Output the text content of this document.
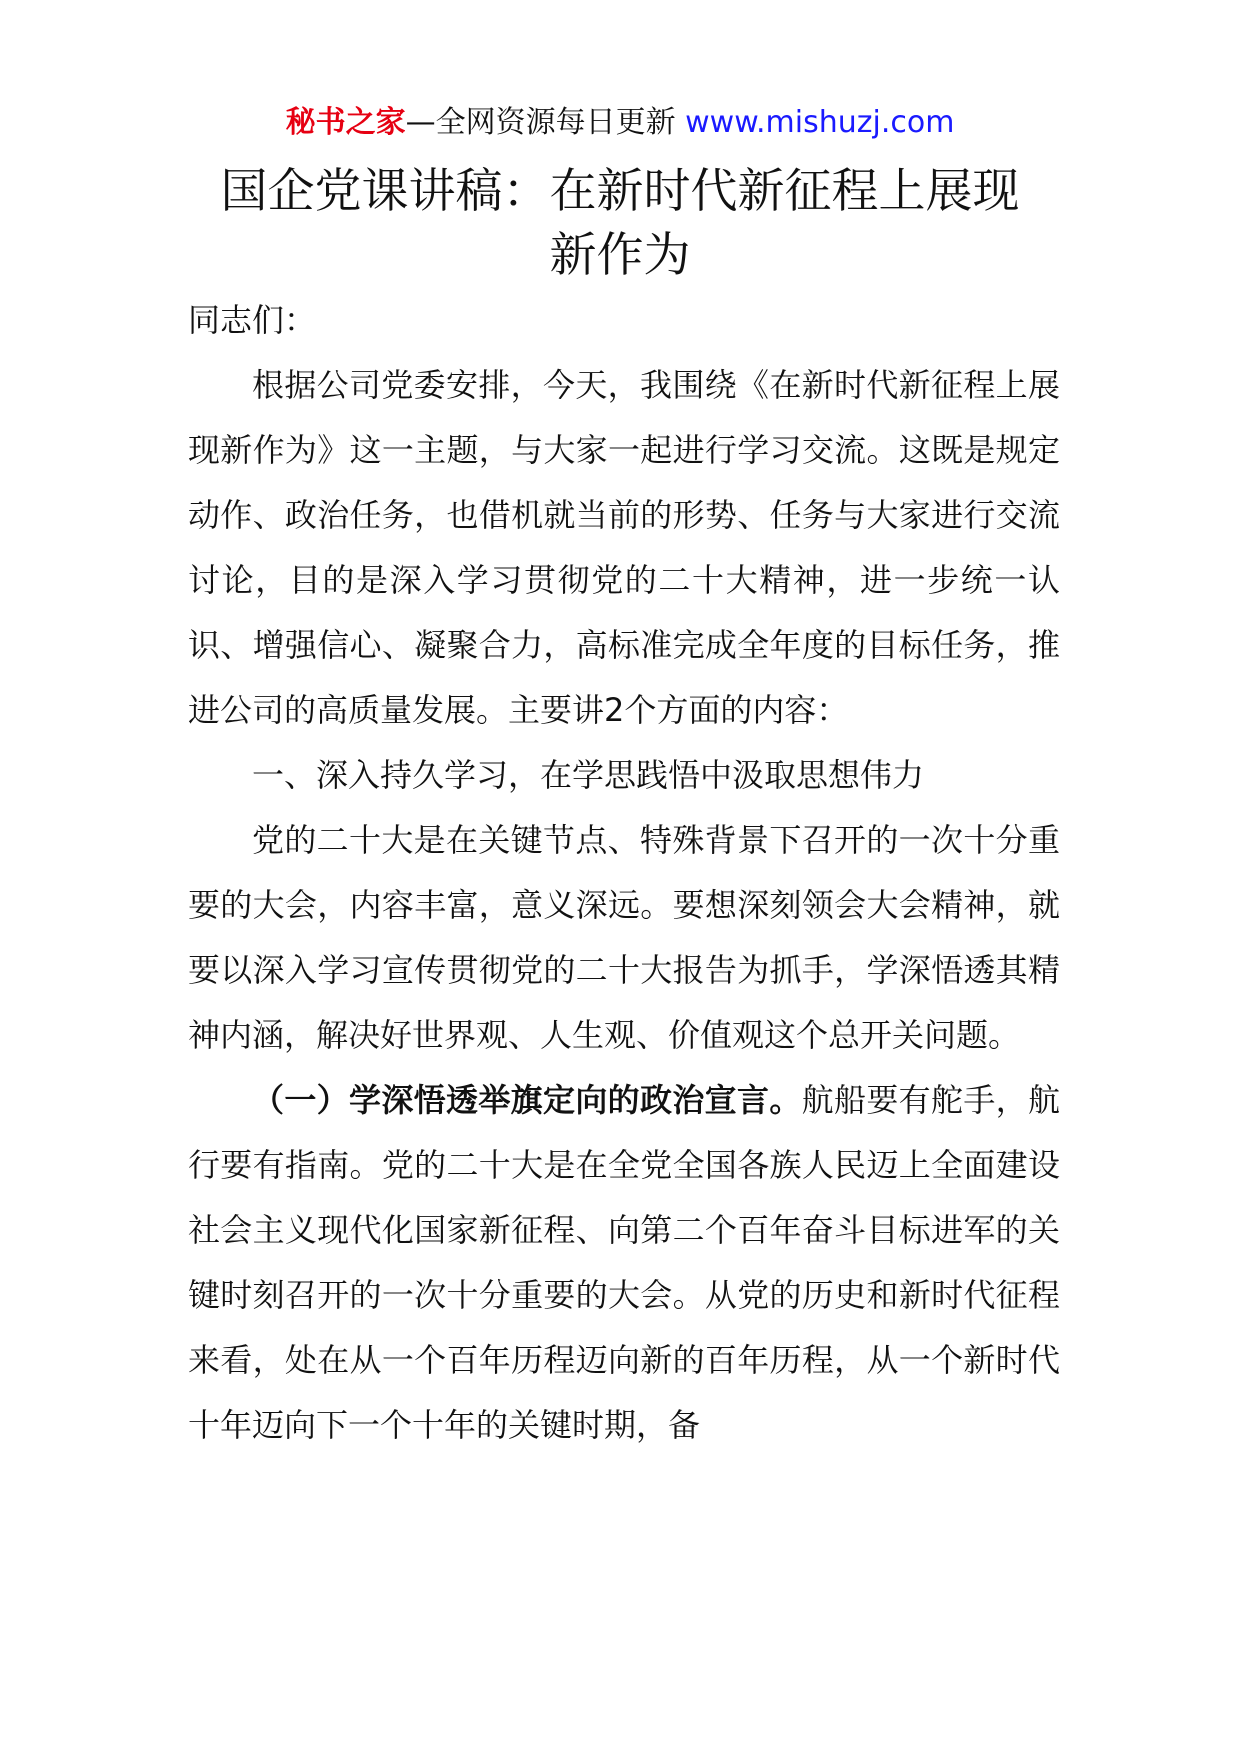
秘书之家—全网资源每日更新 www.mishuzj.com
国企党课讲稿：在新时代新征程上展现新作为

同志们：

根据公司党委安排，今天，我围绕《在新时代新征程上展现新作为》这一主题，与大家一起进行学习交流。这既是规定动作、政治任务，也借机就当前的形势、任务与大家进行交流讨论，目的是深入学习贯彻党的二十大精神，进一步统一认识、增强信心、凝聚合力，高标准完成全年度的目标任务，推进公司的高质量发展。主要讲2个方面的内容：

一、深入持久学习，在学思践悟中汲取思想伟力

党的二十大是在关键节点、特殊背景下召开的一次十分重要的大会，内容丰富，意义深远。要想深刻领会大会精神，就要以深入学习宣传贯彻党的二十大报告为抓手，学深悟透其精神内涵，解决好世界观、人生观、价值观这个总开关问题。

（一）学深悟透举旗定向的政治宣言。航船要有舵手，航行要有指南。党的二十大是在全党全国各族人民迈上全面建设社会主义现代化国家新征程、向第二个百年奋斗目标进军的关键时刻召开的一次十分重要的大会。从党的历史和新时代征程来看，处在从一个百年历程迈向新的百年历程，从一个新时代十年迈向下一个十年的关键时期，备
